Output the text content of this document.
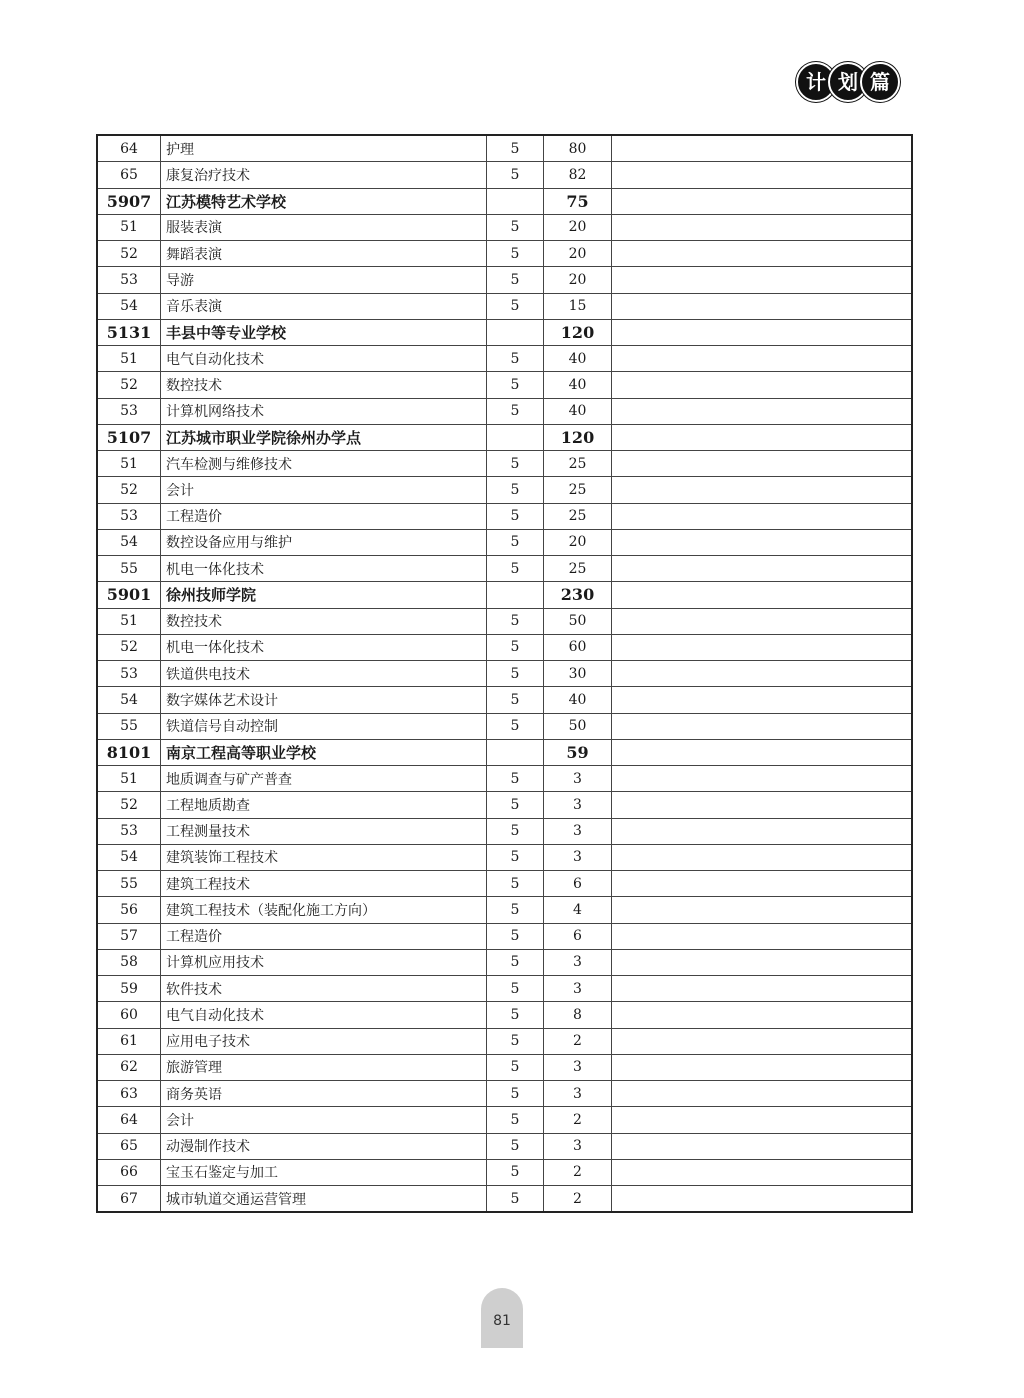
计 划 篇
64	护理	5	80	
65	康复治疗技术	5	82	
5907	江苏模特艺术学校		75	
51	服装表演	5	20	
52	舞蹈表演	5	20	
53	导游	5	20	
54	音乐表演	5	15	
5131	丰县中等专业学校		120	
51	电气自动化技术	5	40	
52	数控技术	5	40	
53	计算机网络技术	5	40	
5107	江苏城市职业学院徐州办学点		120	
51	汽车检测与维修技术	5	25	
52	会计	5	25	
53	工程造价	5	25	
54	数控设备应用与维护	5	20	
55	机电一体化技术	5	25	
5901	徐州技师学院		230	
51	数控技术	5	50	
52	机电一体化技术	5	60	
53	铁道供电技术	5	30	
54	数字媒体艺术设计	5	40	
55	铁道信号自动控制	5	50	
8101	南京工程高等职业学校		59	
51	地质调查与矿产普查	5	3	
52	工程地质勘查	5	3	
53	工程测量技术	5	3	
54	建筑装饰工程技术	5	3	
55	建筑工程技术	5	6	
56	建筑工程技术（装配化施工方向）	5	4	
57	工程造价	5	6	
58	计算机应用技术	5	3	
59	软件技术	5	3	
60	电气自动化技术	5	8	
61	应用电子技术	5	2	
62	旅游管理	5	3	
63	商务英语	5	3	
64	会计	5	2	
65	动漫制作技术	5	3	
66	宝玉石鉴定与加工	5	2	
67	城市轨道交通运营管理	5	2	
81
